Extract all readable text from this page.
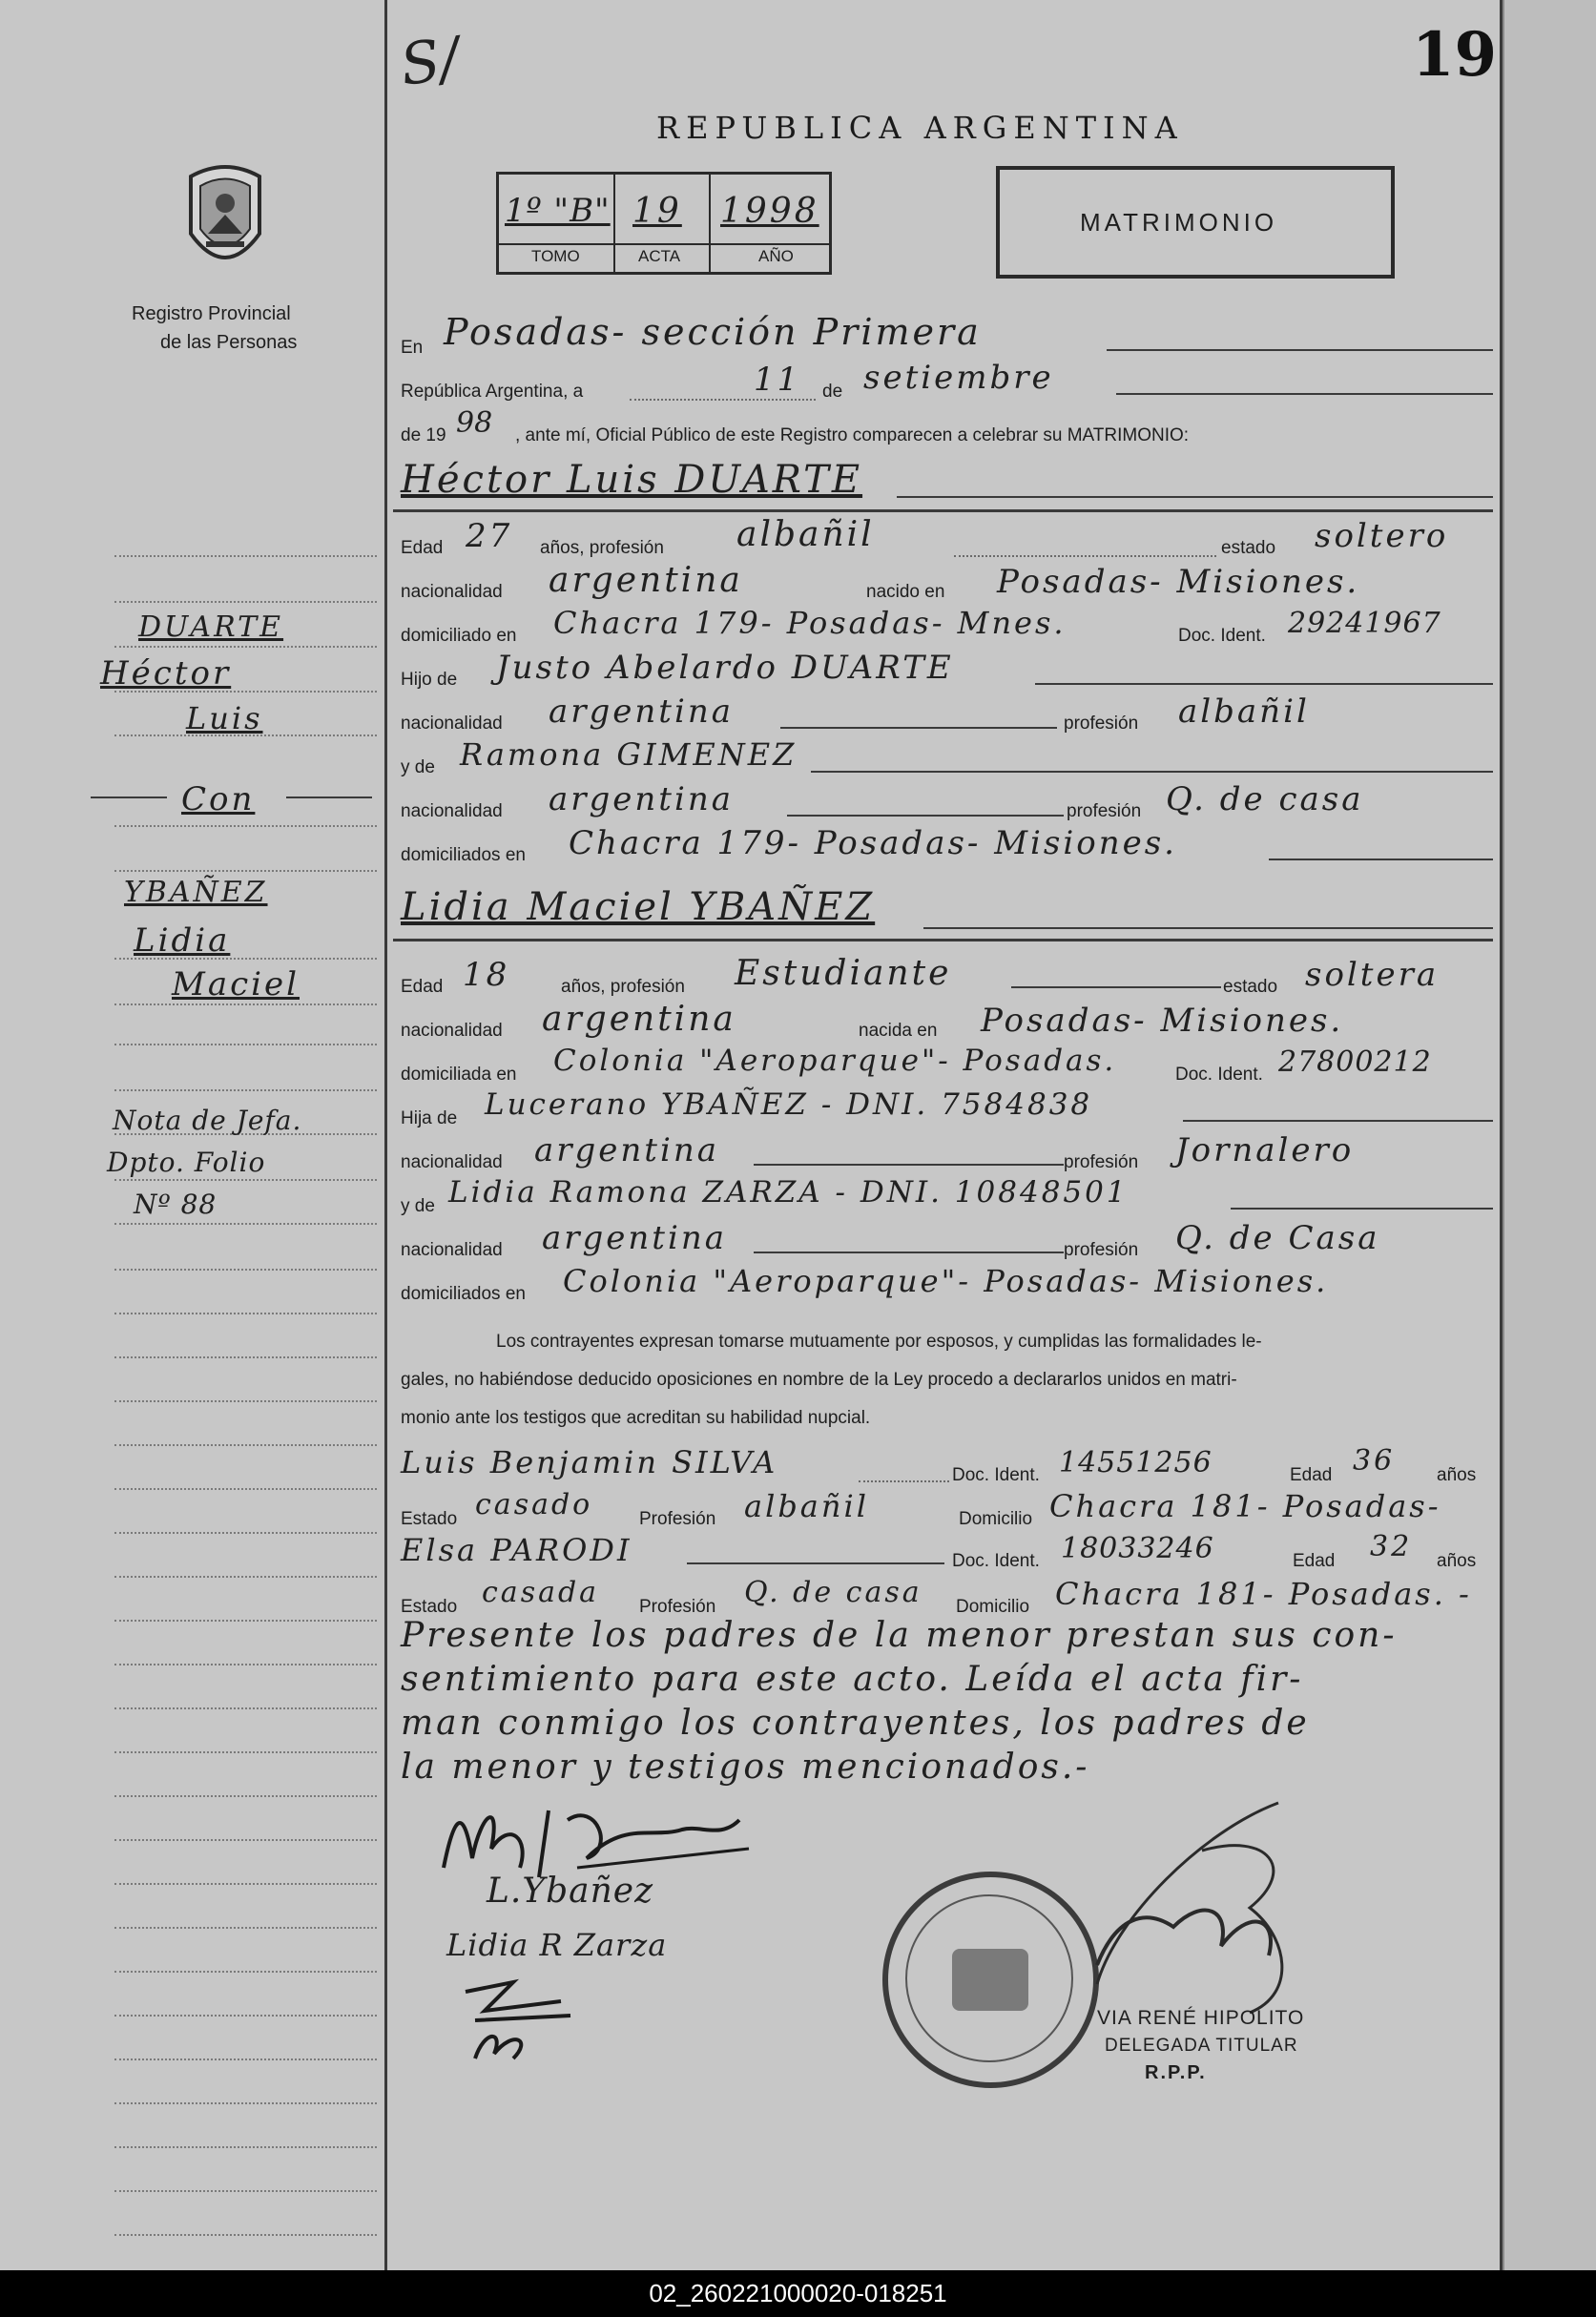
Registro Provincial
de las Personas
DUARTE
Héctor
Luis
Con
YBAÑEZ
Lidia
Maciel
Nota de Jefa.
Dpto. Folio
Nº 88
S/	19
REPUBLICA ARGENTINA
1º "B" 19 1998
TOMO	ACTA	AÑO
MATRIMONIO
En Posadas- sección Primera
República Argentina, a	11 de setiembre
de 19 98 , ante mí, Oficial Público de este Registro comparecen a celebrar su MATRIMONIO:
Héctor Luis DUARTE
Edad 27 años, profesión albañil	estado soltero
nacionalidad argentina	nacido en Posadas- Misiones.
domiciliado en Chacra 179- Posadas- Mnes.	Doc. Ident. 29241967
Hijo de Justo Abelardo DUARTE
nacionalidad argentina	profesión albañil
y de Ramona GIMENEZ
nacionalidad argentina	profesión Q. de casa
domiciliados en Chacra 179- Posadas- Misiones.
Lidia Maciel YBAÑEZ
Edad 18	años, profesión Estudiante	estado soltera
nacionalidad argentina	nacida en Posadas- Misiones.
domiciliada en Colonia "Aeroparque"- Posadas.	Doc. Ident. 27800212
Hija de Lucerano YBAÑEZ - DNI. 7584838
nacionalidad argentina	profesión Jornalero
y de Lidia Ramona ZARZA - DNI. 10848501
nacionalidad argentina	profesión Q. de Casa
domiciliados en Colonia "Aeroparque"- Posadas- Misiones.
Los contrayentes expresan tomarse mutuamente por esposos, y cumplidas las formalidades le-
gales, no habiéndose deducido oposiciones en nombre de la Ley procedo a declararlos unidos en matri-
monio ante los testigos que acreditan su habilidad nupcial.
Luis Benjamin SILVA	Doc. Ident. 14551256	Edad 36 años
Estado casado	Profesión albañil	Domicilio Chacra 181- Posadas-
Elsa PARODI	Doc. Ident. 18033246	Edad 32 años
Estado casada Profesión Q. de casa Domicilio Chacra 181- Posadas. -
Presente los padres de la menor prestan sus con-
sentimiento para este acto. Leída el acta fir-
man conmigo los contrayentes, los padres de
la menor y testigos mencionados.-
L.Ybañez
Lidia R Zarza
VIA RENÉ HIPOLITO
DELEGADA TITULAR
R.P.P.
02_260221000020-018251
